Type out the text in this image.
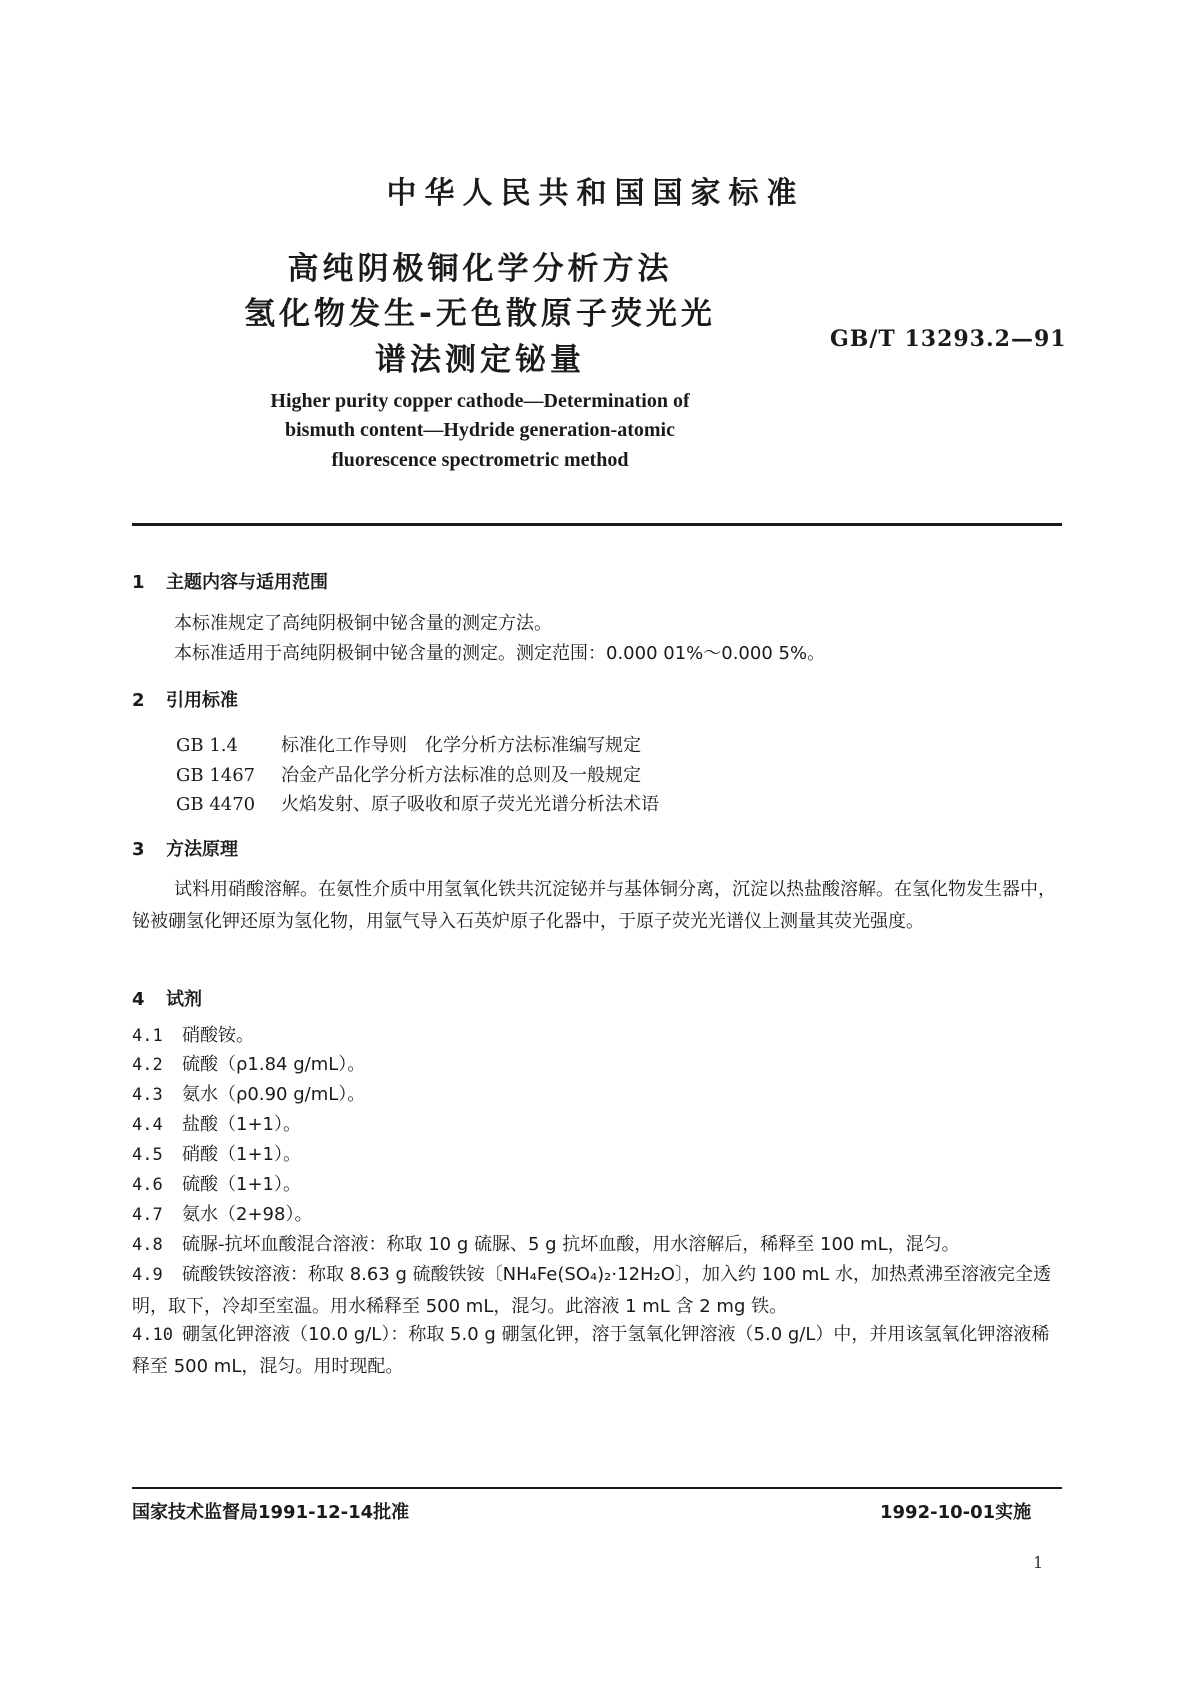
中华人民共和国国家标准
高纯阴极铜化学分析方法
氢化物发生-无色散原子荧光光
谱法测定铋量
GB/T 13293.2—91
Higher purity copper cathode—Determination of
bismuth content—Hydride generation-atomic
fluorescence spectrometric method
1 主题内容与适用范围
本标准规定了高纯阴极铜中铋含量的测定方法。
本标准适用于高纯阴极铜中铋含量的测定。测定范围：0.000 01%～0.000 5%。
2 引用标准
GB 1.4 标准化工作导则　化学分析方法标准编写规定
GB 1467 冶金产品化学分析方法标准的总则及一般规定
GB 4470 火焰发射、原子吸收和原子荧光光谱分析法术语
3 方法原理
试料用硝酸溶解。在氨性介质中用氢氧化铁共沉淀铋并与基体铜分离，沉淀以热盐酸溶解。在氢化物发生器中，铋被硼氢化钾还原为氢化物，用氩气导入石英炉原子化器中，于原子荧光光谱仪上测量其荧光强度。
4 试剂
4.1 硝酸铵。
4.2 硫酸（ρ1.84 g/mL）。
4.3 氨水（ρ0.90 g/mL）。
4.4 盐酸（1+1）。
4.5 硝酸（1+1）。
4.6 硫酸（1+1）。
4.7 氨水（2+98）。
4.8 硫脲-抗坏血酸混合溶液：称取 10 g 硫脲、5 g 抗坏血酸，用水溶解后，稀释至 100 mL，混匀。
4.9 硫酸铁铵溶液：称取 8.63 g 硫酸铁铵〔NH₄Fe(SO₄)₂·12H₂O〕，加入约 100 mL 水，加热煮沸至溶液完全透明，取下，冷却至室温。用水稀释至 500 mL，混匀。此溶液 1 mL 含 2 mg 铁。
4.10 硼氢化钾溶液（10.0 g/L）：称取 5.0 g 硼氢化钾，溶于氢氧化钾溶液（5.0 g/L）中，并用该氢氧化钾溶液稀释至 500 mL，混匀。用时现配。
国家技术监督局1991-12-14批准	1992-10-01实施
1
